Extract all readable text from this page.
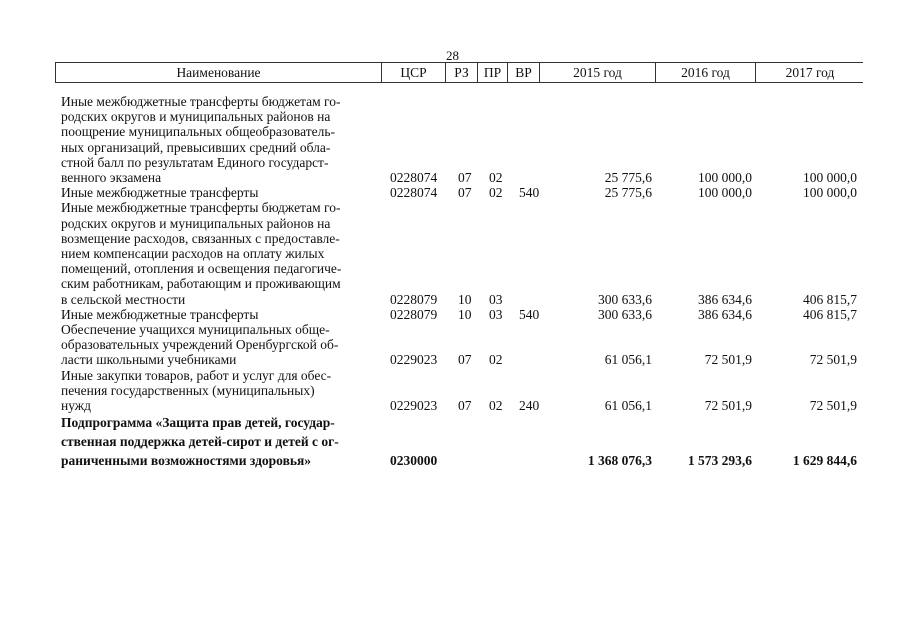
28
Наименование	ЦСР	РЗ	ПР	ВР	2015 год	2016 год	2017 год
Иные межбюджетные трансферты бюджетам го-
родских округов и муниципальных районов на
поощрение муниципальных общеобразователь-
ных организаций, превысивших средний обла-
стной балл по результатам Единого государст-
венного экзамена	0228074 07 02	25 775,6	100 000,0	100 000,0
Иные межбюджетные трансферты	0228074 07 02 540	25 775,6	100 000,0	100 000,0
Иные межбюджетные трансферты бюджетам го-
родских округов и муниципальных районов на
возмещение расходов, связанных с предоставле-
нием компенсации расходов на оплату жилых
помещений, отопления и освещения педагогиче-
ским работникам, работающим и проживающим
в сельской местности	0228079 10 03	300 633,6	386 634,6	406 815,7
Иные межбюджетные трансферты	0228079 10 03 540	300 633,6	386 634,6	406 815,7
Обеспечение учащихся муниципальных обще-
образовательных учреждений Оренбургской об-
ласти школьными учебниками	0229023 07 02	61 056,1	72 501,9	72 501,9
Иные закупки товаров, работ и услуг для обес-
печения государственных (муниципальных)
нужд	0229023 07 02 240	61 056,1	72 501,9	72 501,9
Подпрограмма «Защита прав детей, государ-
ственная поддержка детей-сирот и детей с ог-
раниченными возможностями здоровья»	0230000	1 368 076,3	1 573 293,6	1 629 844,6
